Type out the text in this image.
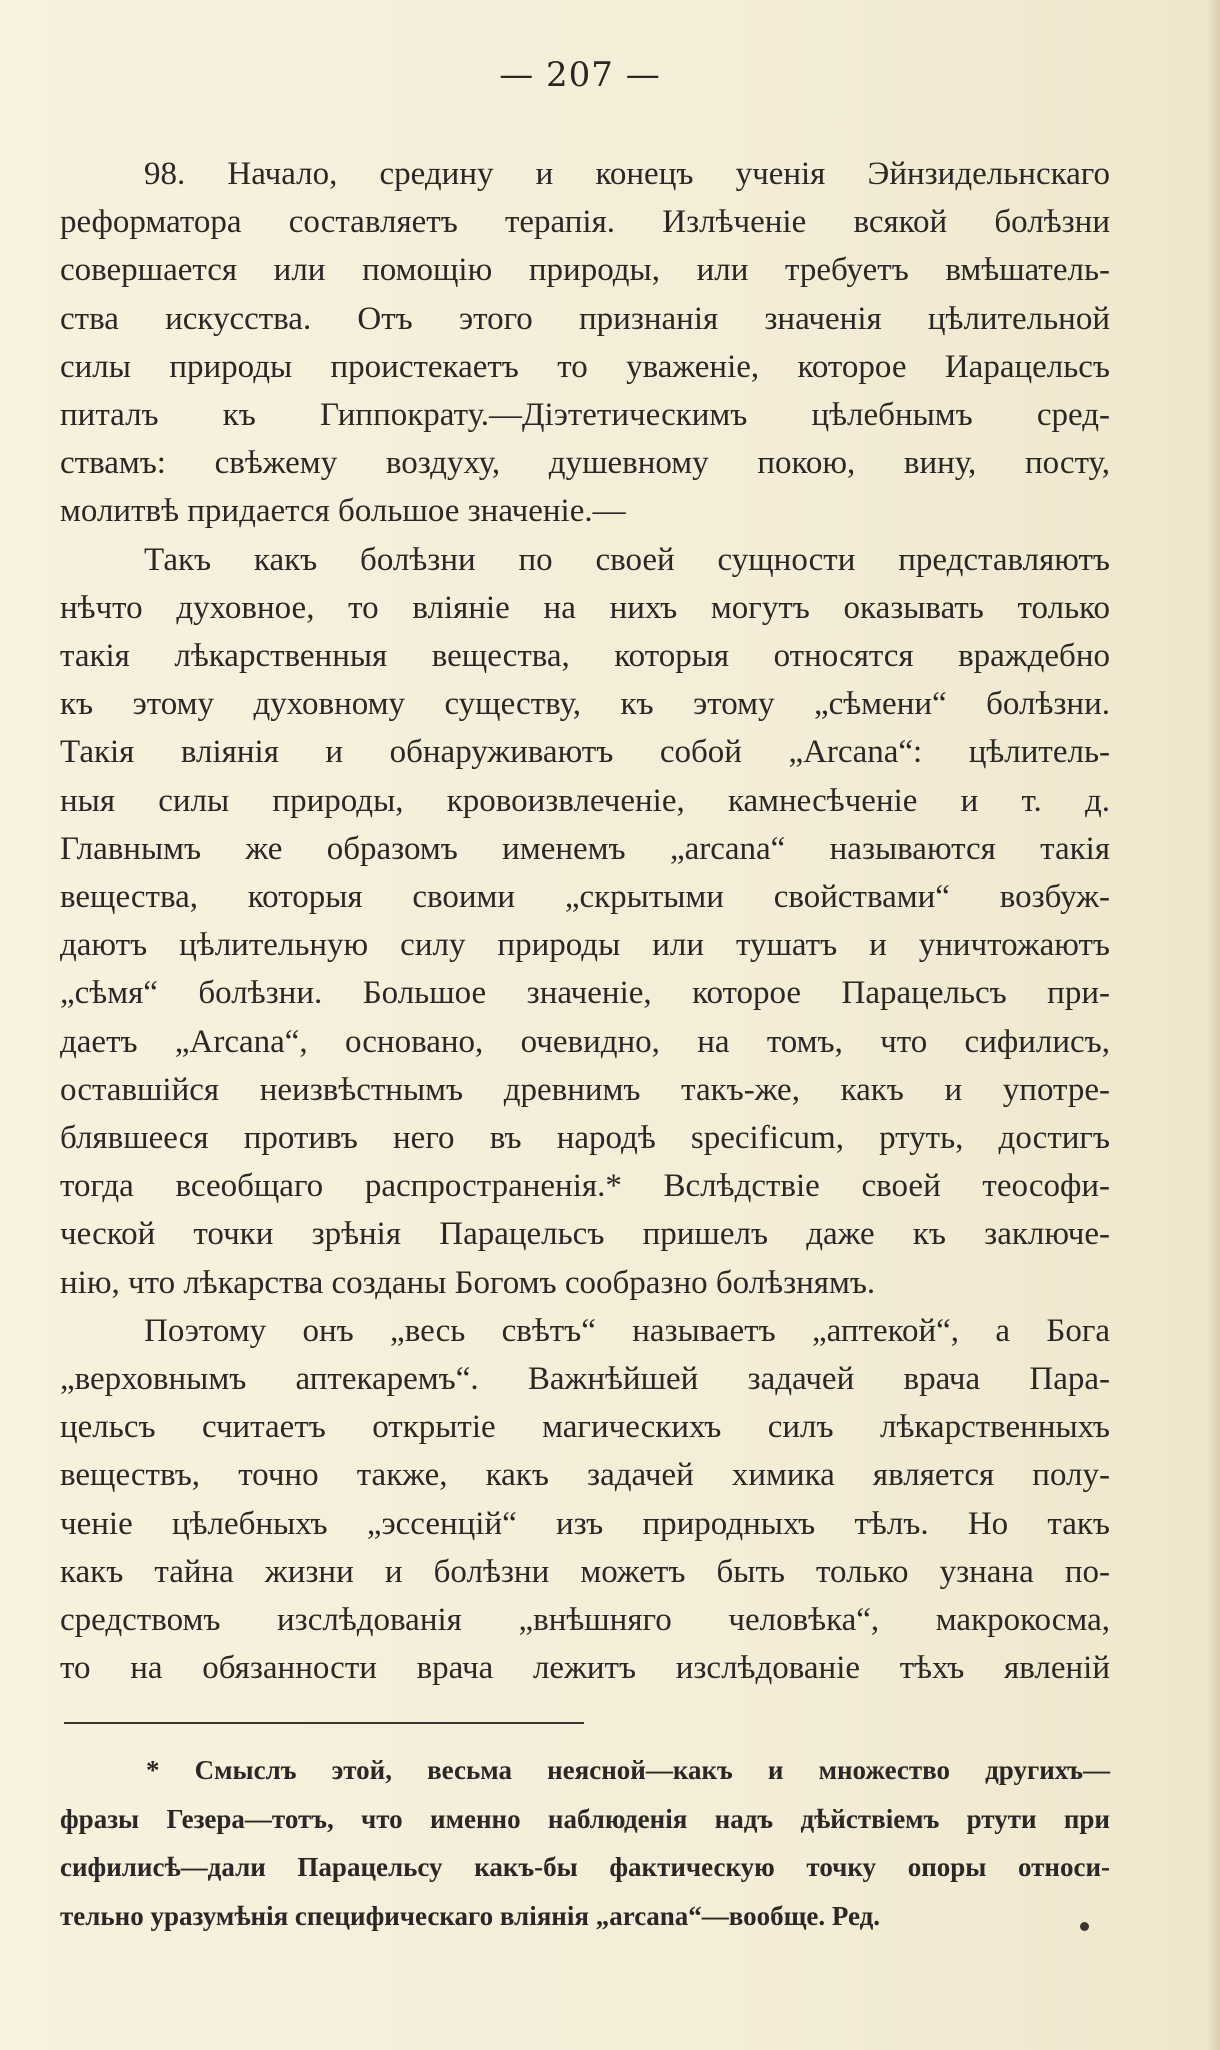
— 207 —
98. Начало, средину и конецъ ученія Эйнзидельнскаго
реформатора составляетъ терапія. Излѣченіе всякой болѣзни
совершается или помощію природы, или требуетъ вмѣшатель-
ства искусства. Отъ этого признанія значенія цѣлительной
силы природы проистекаетъ то уваженіе, которое Иарацельсъ
питалъ къ Гиппократу.—Діэтетическимъ цѣлебнымъ сред-
ствамъ: свѣжему воздуху, душевному покою, вину, посту,
молитвѣ придается большое значеніе.—
Такъ какъ болѣзни по своей сущности представляютъ
нѣчто духовное, то вліяніе на нихъ могутъ оказывать только
такія лѣкарственныя вещества, которыя относятся враждебно
къ этому духовному существу, къ этому „сѣмени“ болѣзни.
Такія вліянія и обнаруживаютъ собой „Arcana“: цѣлитель-
ныя силы природы, кровоизвлеченіе, камнесѣченіе и т. д.
Главнымъ же образомъ именемъ „arcana“ называются такія
вещества, которыя своими „скрытыми свойствами“ возбуж-
даютъ цѣлительную силу природы или тушатъ и уничтожаютъ
„сѣмя“ болѣзни. Большое значеніе, которое Парацельсъ при-
даетъ „Arcana“, основано, очевидно, на томъ, что сифилисъ,
оставшійся неизвѣстнымъ древнимъ такъ-же, какъ и употре-
блявшееся противъ него въ народѣ specificum, ртуть, достигъ
тогда всеобщаго распространенія.* Вслѣдствіе своей теософи-
ческой точки зрѣнія Парацельсъ пришелъ даже къ заключе-
нію, что лѣкарства созданы Богомъ сообразно болѣзнямъ.
Поэтому онъ „весь свѣтъ“ называетъ „аптекой“, а Бога
„верховнымъ аптекаремъ“. Важнѣйшей задачей врача Пара-
цельсъ считаетъ открытіе магическихъ силъ лѣкарственныхъ
веществъ, точно также, какъ задачей химика является полу-
ченіе цѣлебныхъ „эссенцій“ изъ природныхъ тѣлъ. Но такъ
какъ тайна жизни и болѣзни можетъ быть только узнана по-
средствомъ изслѣдованія „внѣшняго человѣка“, макрокосма,
то на обязанности врача лежитъ изслѣдованіе тѣхъ явленій
* Смыслъ этой, весьма неясной—какъ и множество другихъ—
фразы Гезера—тотъ, что именно наблюденія надъ дѣйствіемъ ртути при
сифилисѣ—дали Парацельсу какъ-бы фактическую точку опоры относи-
тельно уразумѣнія специфическаго вліянія „arcana“—вообще. Ред.
